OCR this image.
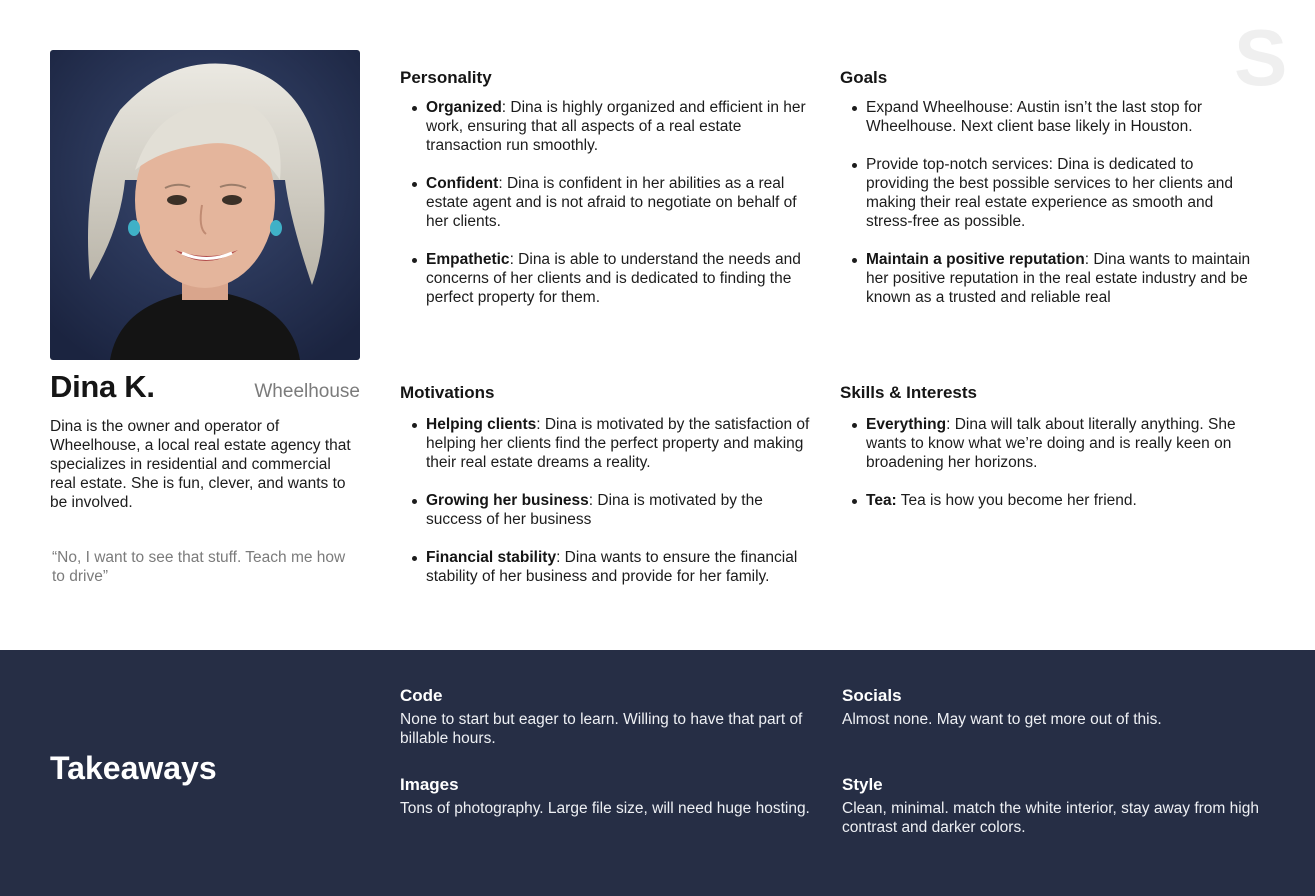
S
Dina K.	Wheelhouse

Dina is the owner and operator of Wheelhouse, a local real estate agency that specializes in residential and commercial real estate. She is fun, clever, and wants to be involved.

“No, I want to see that stuff. Teach me how to drive”

Personality
Organized: Dina is highly organized and efficient in her work, ensuring that all aspects of a real estate transaction run smoothly.
Confident: Dina is confident in her abilities as a real estate agent and is not afraid to negotiate on behalf of her clients.
Empathetic: Dina is able to understand the needs and concerns of her clients and is dedicated to finding the perfect property for them.
Goals
Expand Wheelhouse: Austin isn’t the last stop for Wheelhouse. Next client base likely in Houston.
Provide top-notch services: Dina is dedicated to providing the best possible services to her clients and making their real estate experience as smooth and stress-free as possible.
Maintain a positive reputation: Dina wants to maintain her positive reputation in the real estate industry and be known as a trusted and reliable real
Motivations
Helping clients: Dina is motivated by the satisfaction of helping her clients find the perfect property and making their real estate dreams a reality.
Growing her business: Dina is motivated by the success of her business
Financial stability: Dina wants to ensure the financial stability of her business and provide for her family.
Skills & Interests
Everything: Dina will talk about literally anything. She wants to know what we’re doing and is really keen on broadening her horizons.
Tea: Tea is how you become her friend.
Takeaways
Code

None to start but eager to learn. Willing to have that part of billable hours.

Socials

Almost none. May want to get more out of this.

Images

Tons of photography. Large file size, will need huge hosting.

Style

Clean, minimal. match the white interior, stay away from high contrast and darker colors.
